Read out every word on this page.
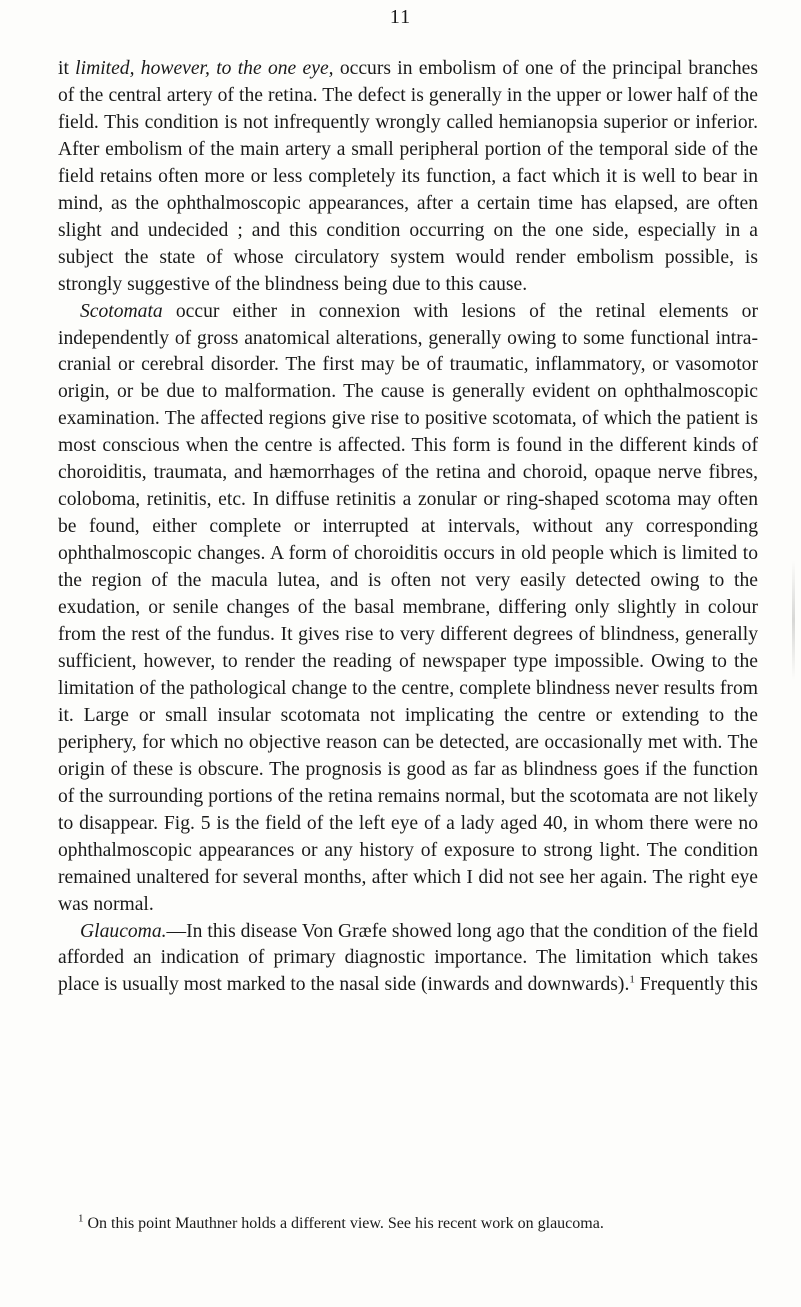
11

it limited, however, to the one eye, occurs in embolism of one of the principal branches of the central artery of the retina. The defect is generally in the upper or lower half of the field. This condition is not infrequently wrongly called hemianopsia superior or inferior. After embolism of the main artery a small peripheral portion of the temporal side of the field retains often more or less completely its function, a fact which it is well to bear in mind, as the ophthalmoscopic appearances, after a certain time has elapsed, are often slight and undecided ; and this condition occurring on the one side, especially in a subject the state of whose circulatory system would render embolism possible, is strongly suggestive of the blindness being due to this cause.

Scotomata occur either in connexion with lesions of the retinal elements or independently of gross anatomical alterations, generally owing to some functional intra-cranial or cerebral disorder. The first may be of traumatic, inflammatory, or vasomotor origin, or be due to malformation. The cause is generally evident on ophthalmoscopic examination. The affected regions give rise to positive scotomata, of which the patient is most conscious when the centre is affected. This form is found in the different kinds of choroiditis, traumata, and hæmorrhages of the retina and choroid, opaque nerve fibres, coloboma, retinitis, etc. In diffuse retinitis a zonular or ring-shaped scotoma may often be found, either complete or interrupted at intervals, without any corresponding ophthalmoscopic changes. A form of choroiditis occurs in old people which is limited to the region of the macula lutea, and is often not very easily detected owing to the exudation, or senile changes of the basal membrane, differing only slightly in colour from the rest of the fundus. It gives rise to very different degrees of blindness, generally sufficient, however, to render the reading of newspaper type impossible. Owing to the limitation of the pathological change to the centre, complete blindness never results from it. Large or small insular scotomata not implicating the centre or extending to the periphery, for which no objective reason can be detected, are occasionally met with. The origin of these is obscure. The prognosis is good as far as blindness goes if the function of the surrounding portions of the retina remains normal, but the scotomata are not likely to disappear. Fig. 5 is the field of the left eye of a lady aged 40, in whom there were no ophthalmoscopic appearances or any history of exposure to strong light. The condition remained unaltered for several months, after which I did not see her again. The right eye was normal.

Glaucoma.—In this disease Von Græfe showed long ago that the condition of the field afforded an indication of primary diagnostic importance. The limitation which takes place is usually most marked to the nasal side (inwards and downwards).$^1$ Frequently this

$^1$ On this point Mauthner holds a different view. See his recent work on glaucoma.
